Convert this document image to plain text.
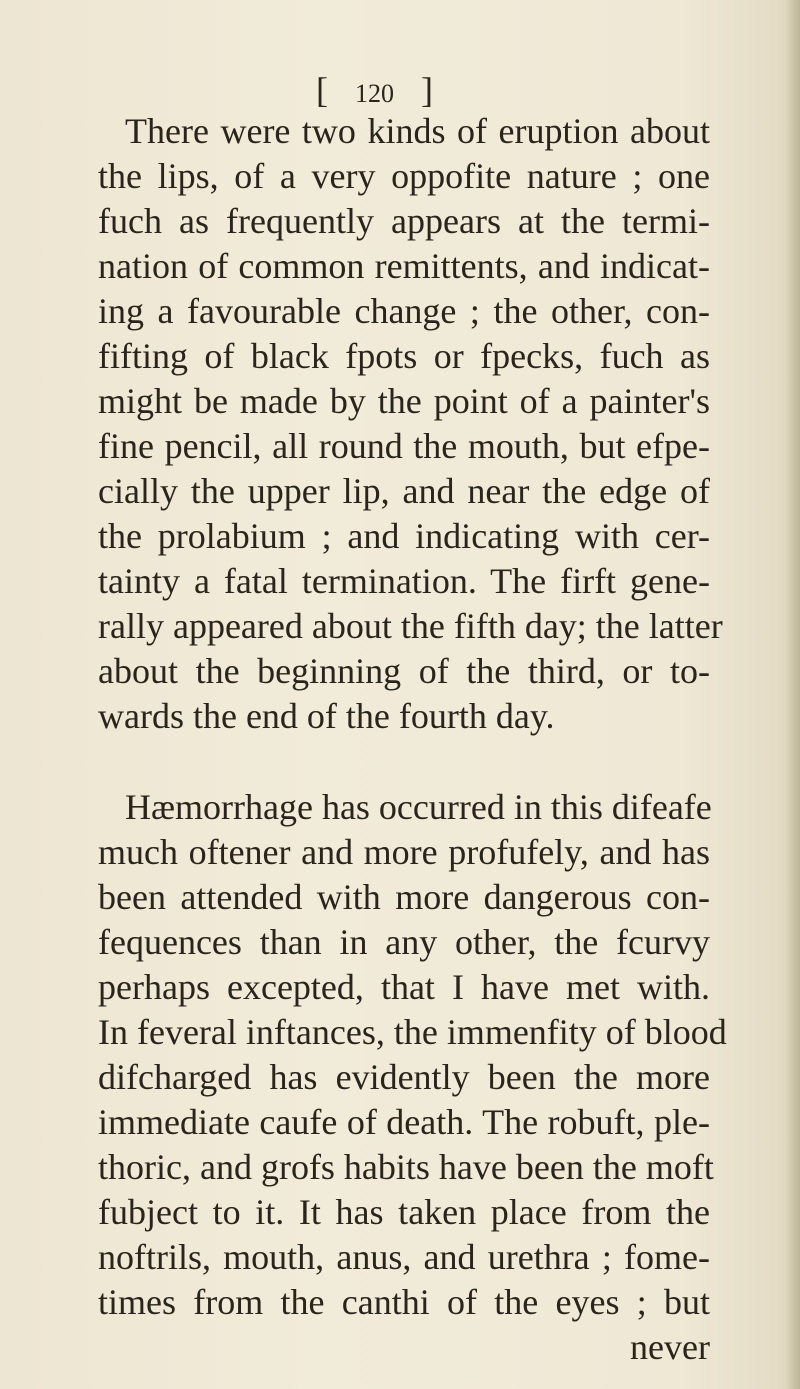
[ 120 ]
There were two kinds of eruption about
the lips, of a very oppofite nature ; one
fuch as frequently appears at the termi-
nation of common remittents, and indicat-
ing a favourable change ; the other, con-
fifting of black fpots or fpecks, fuch as
might be made by the point of a painter's
fine pencil, all round the mouth, but efpe-
cially the upper lip, and near the edge of
the prolabium ; and indicating with cer-
tainty a fatal termination. The firft gene-
rally appeared about the fifth day; the latter
about the beginning of the third, or to-
wards the end of the fourth day.
Hæmorrhage has occurred in this difeafe
much oftener and more profufely, and has
been attended with more dangerous con-
fequences than in any other, the fcurvy
perhaps excepted, that I have met with.
In feveral inftances, the immenfity of blood
difcharged has evidently been the more
immediate caufe of death. The robuft, ple-
thoric, and grofs habits have been the moft
fubject to it. It has taken place from the
noftrils, mouth, anus, and urethra ; fome-
times from the canthi of the eyes ; but
never
